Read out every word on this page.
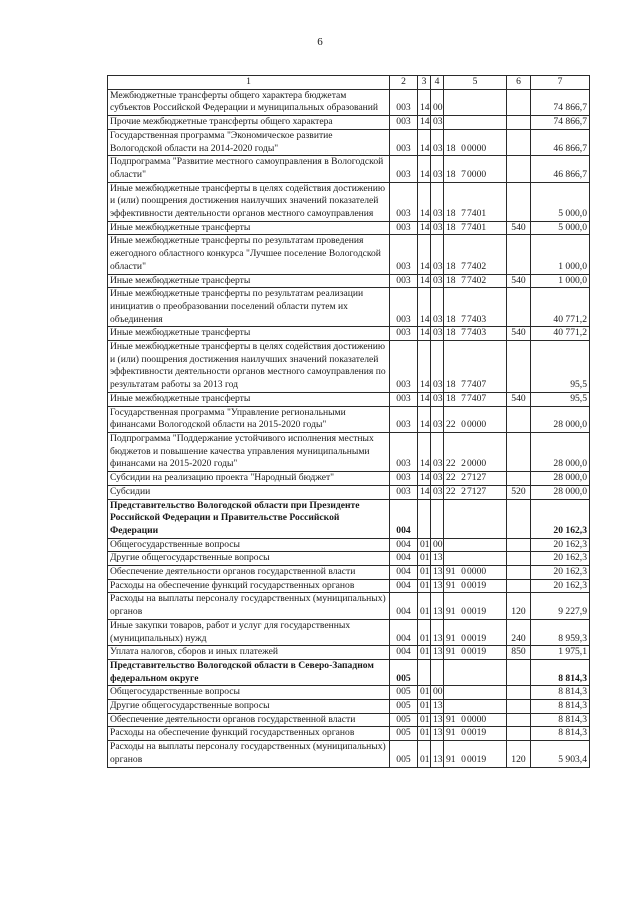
6
1	2	3	4	5	6	7
Межбюджетные трансферты общего характера бюджетам субъектов Российской Федерации и муниципальных образований	003	14	00			74 866,7
Прочие межбюджетные трансферты общего характера	003	14	03			74 866,7
Государственная программа "Экономическое развитие Вологодской области на 2014-2020 годы"	003	14	03	18 00000		46 866,7
Подпрограмма "Развитие местного самоуправления в Вологодской области"	003	14	03	18 70000		46 866,7
Иные межбюджетные трансферты в целях содействия достижению и (или) поощрения достижения наилучших значений показателей эффективности деятельности органов местного самоуправления	003	14	03	18 77401		5 000,0
Иные межбюджетные трансферты	003	14	03	18 77401	540	5 000,0
Иные межбюджетные трансферты по результатам проведения ежегодного областного конкурса "Лучшее поселение Вологодской области"	003	14	03	18 77402		1 000,0
Иные межбюджетные трансферты	003	14	03	18 77402	540	1 000,0
Иные межбюджетные трансферты по результатам реализации инициатив о преобразовании поселений области путем их объединения	003	14	03	18 77403		40 771,2
Иные межбюджетные трансферты	003	14	03	18 77403	540	40 771,2
Иные межбюджетные трансферты в целях содействия достижению и (или) поощрения достижения наилучших значений показателей эффективности деятельности органов местного самоуправления по результатам работы за 2013 год	003	14	03	18 77407		95,5
Иные межбюджетные трансферты	003	14	03	18 77407	540	95,5
Государственная программа "Управление региональными финансами Вологодской области на 2015-2020 годы"	003	14	03	22 00000		28 000,0
Подпрограмма "Поддержание устойчивого исполнения местных бюджетов и повышение качества управления муниципальными финансами на 2015-2020 годы"	003	14	03	22 20000		28 000,0
Субсидии на реализацию проекта "Народный бюджет"	003	14	03	22 27127		28 000,0
Субсидии	003	14	03	22 27127	520	28 000,0
Представительство Вологодской области при Президенте Российской Федерации и Правительстве Российской Федерации	004					20 162,3
Общегосударственные вопросы	004	01	00			20 162,3
Другие общегосударственные вопросы	004	01	13			20 162,3
Обеспечение деятельности органов государственной власти	004	01	13	91 00000		20 162,3
Расходы на обеспечение функций государственных органов	004	01	13	91 00019		20 162,3
Расходы на выплаты персоналу государственных (муниципальных) органов	004	01	13	91 00019	120	9 227,9
Иные закупки товаров, работ и услуг для государственных (муниципальных) нужд	004	01	13	91 00019	240	8 959,3
Уплата налогов, сборов и иных платежей	004	01	13	91 00019	850	1 975,1
Представительство Вологодской области в Северо-Западном федеральном округе	005					8 814,3
Общегосударственные вопросы	005	01	00			8 814,3
Другие общегосударственные вопросы	005	01	13			8 814,3
Обеспечение деятельности органов государственной власти	005	01	13	91 00000		8 814,3
Расходы на обеспечение функций государственных органов	005	01	13	91 00019		8 814,3
Расходы на выплаты персоналу государственных (муниципальных) органов	005	01	13	91 00019	120	5 903,4
